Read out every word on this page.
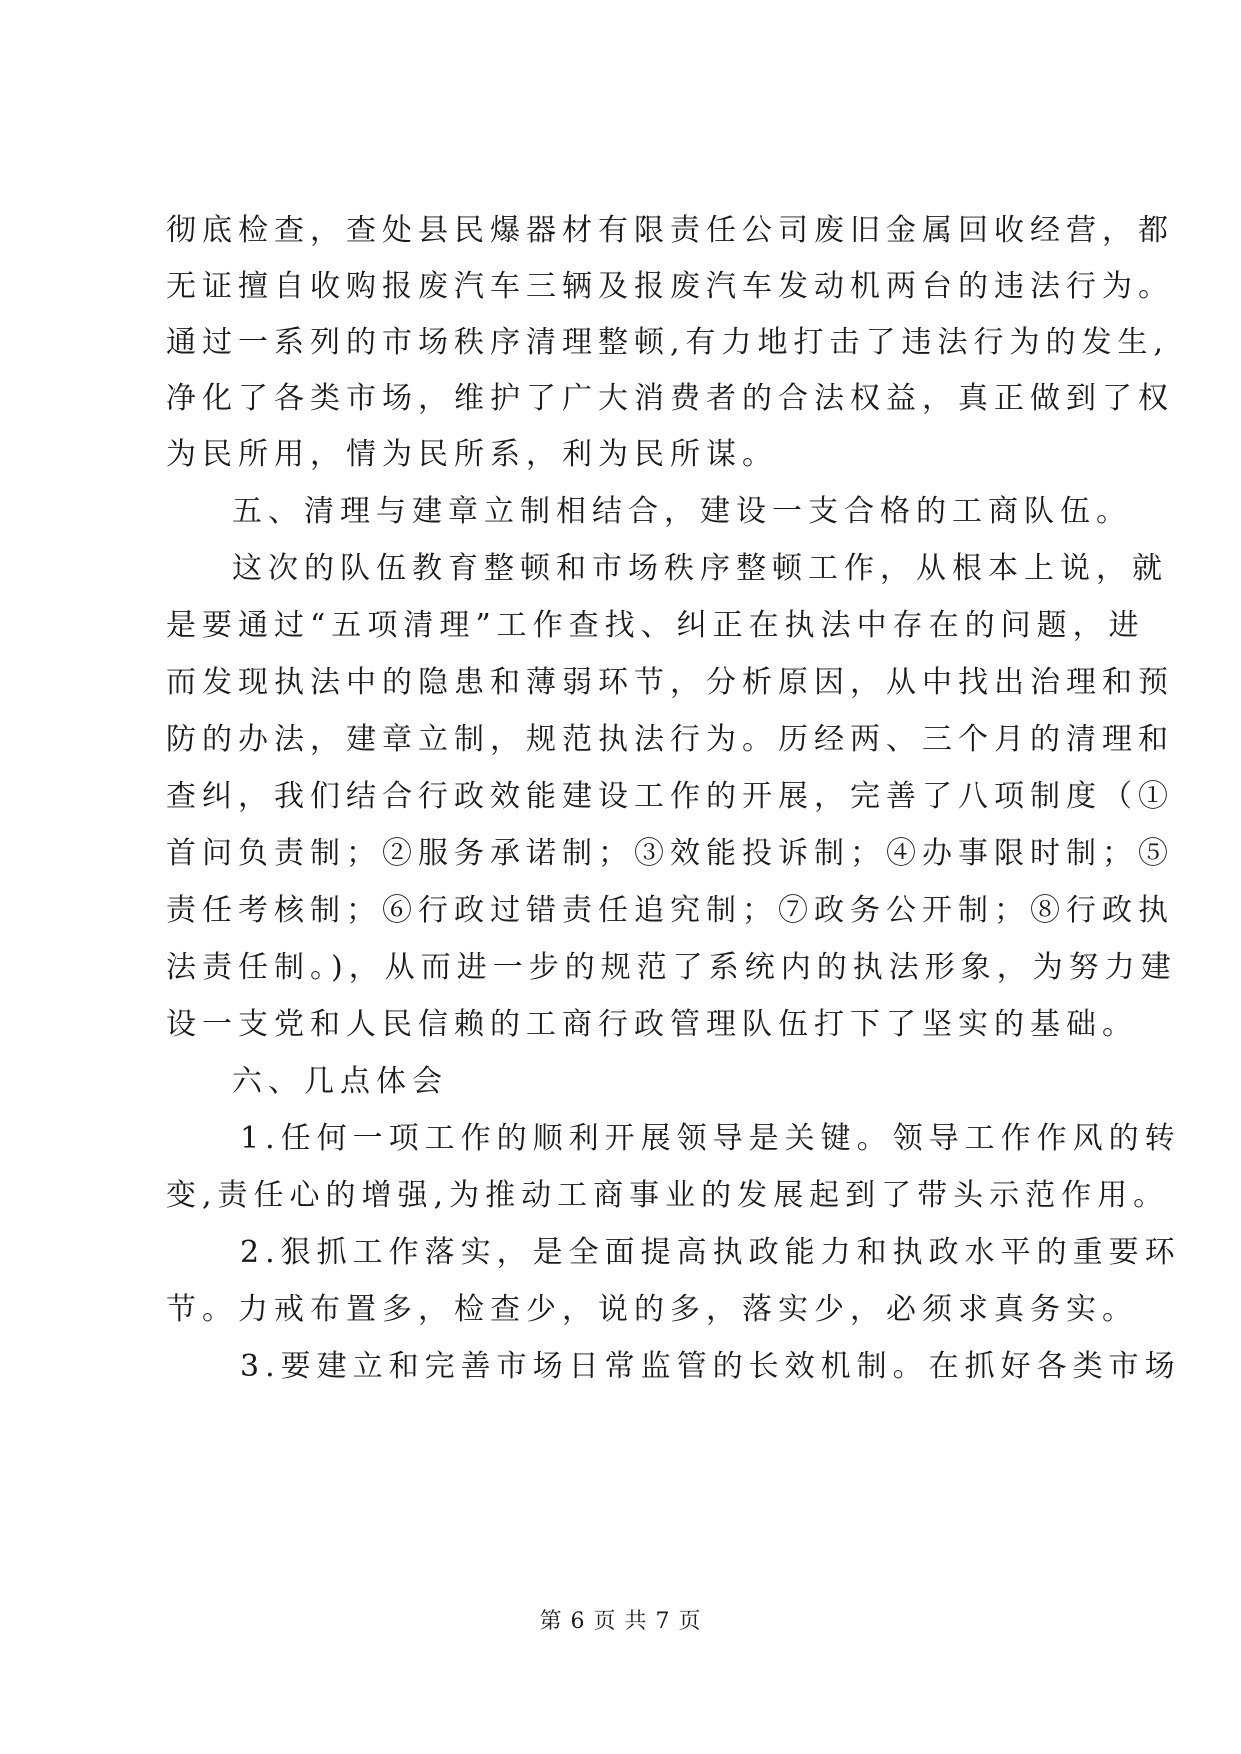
彻底检查，查处县民爆器材有限责任公司废旧金属回收经营，都
无证擅自收购报废汽车三辆及报废汽车发动机两台的违法行为。
通过一系列的市场秩序清理整顿,有力地打击了违法行为的发生,
净化了各类市场，维护了广大消费者的合法权益，真正做到了权
为民所用，情为民所系，利为民所谋。
五、清理与建章立制相结合，建设一支合格的工商队伍。
这次的队伍教育整顿和市场秩序整顿工作，从根本上说，就
是要通过“五项清理”工作查找、纠正在执法中存在的问题，进
而发现执法中的隐患和薄弱环节，分析原因，从中找出治理和预
防的办法，建章立制，规范执法行为。历经两、三个月的清理和
查纠，我们结合行政效能建设工作的开展，完善了八项制度（①
首问负责制；②服务承诺制；③效能投诉制；④办事限时制；⑤
责任考核制；⑥行政过错责任追究制；⑦政务公开制；⑧行政执
法责任制。)，从而进一步的规范了系统内的执法形象，为努力建
设一支党和人民信赖的工商行政管理队伍打下了坚实的基础。
六、几点体会
1.任何一项工作的顺利开展领导是关键。领导工作作风的转
变,责任心的增强,为推动工商事业的发展起到了带头示范作用。
2.狠抓工作落实，是全面提高执政能力和执政水平的重要环
节。力戒布置多，检查少，说的多，落实少，必须求真务实。
3.要建立和完善市场日常监管的长效机制。在抓好各类市场
第 6 页 共 7 页
